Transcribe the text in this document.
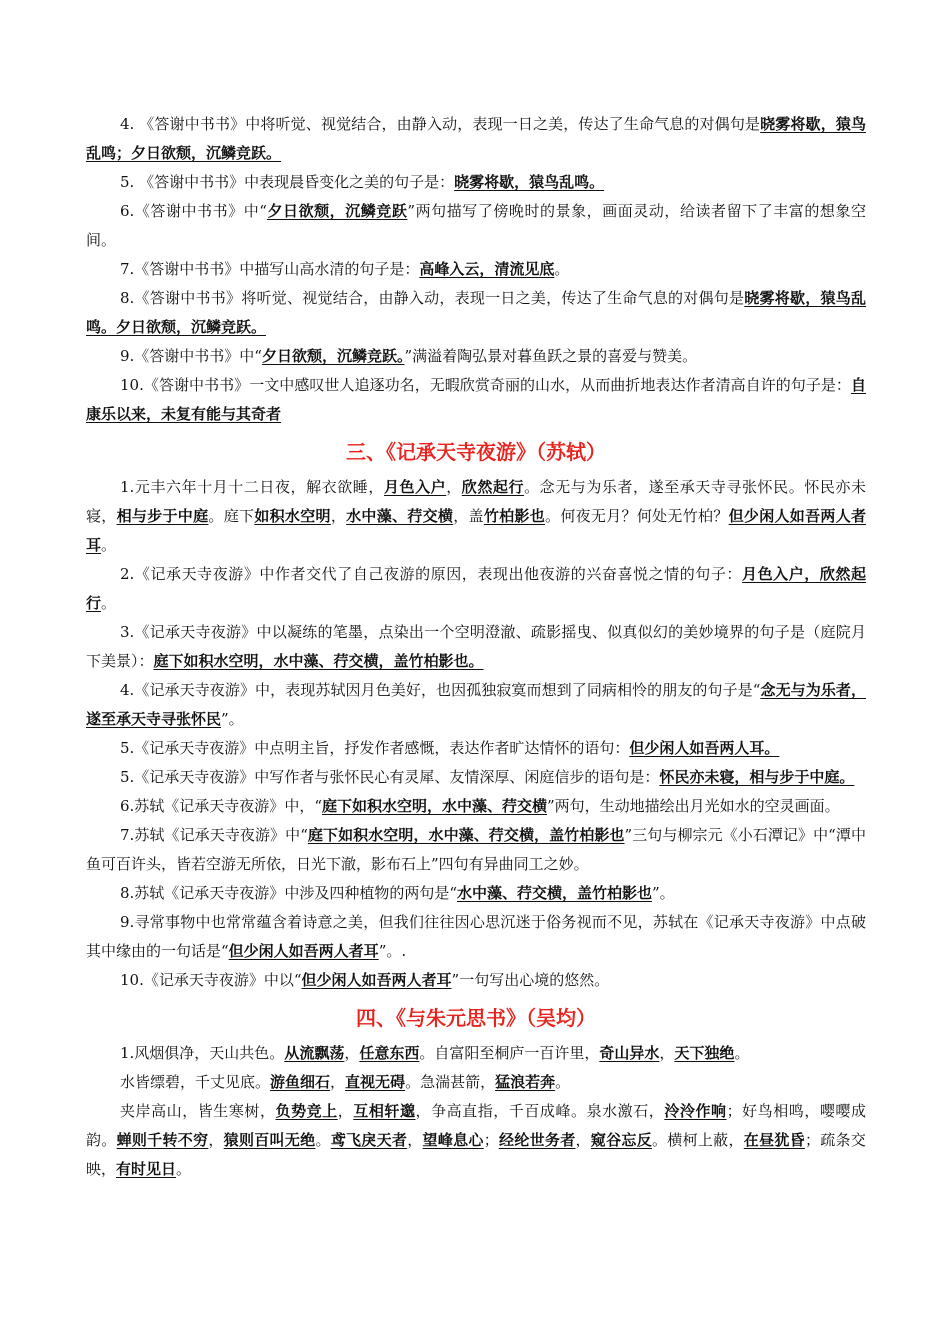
4. 《答谢中书书》中将听觉、视觉结合，由静入动，表现一日之美，传达了生命气息的对偶句是晓雾将歇，猿鸟乱鸣；夕日欲颓，沉鳞竞跃。

5. 《答谢中书书》中表现晨昏变化之美的句子是：晓雾将歇，猿鸟乱鸣。

6.《答谢中书书》中“夕日欲颓，沉鳞竞跃”两句描写了傍晚时的景象，画面灵动，给读者留下了丰富的想象空间。

7.《答谢中书书》中描写山高水清的句子是：高峰入云，清流见底。

8.《答谢中书书》将听觉、视觉结合，由静入动，表现一日之美，传达了生命气息的对偶句是晓雾将歇，猿鸟乱鸣。夕日欲颓，沉鳞竞跃。

9.《答谢中书书》中“夕日欲颓，沉鳞竞跃。”满溢着陶弘景对暮鱼跃之景的喜爱与赞美。

10.《答谢中书书》一文中感叹世人追逐功名，无暇欣赏奇丽的山水，从而曲折地表达作者清高自许的句子是：自康乐以来，未复有能与其奇者

三、《记承天寺夜游》（苏轼）

1.元丰六年十月十二日夜，解衣欲睡，月色入户，欣然起行。念无与为乐者，遂至承天寺寻张怀民。怀民亦未寝，相与步于中庭。庭下如积水空明，水中藻、荇交横，盖竹柏影也。何夜无月？何处无竹柏？但少闲人如吾两人者耳。

2.《记承天寺夜游》中作者交代了自己夜游的原因，表现出他夜游的兴奋喜悦之情的句子：月色入户，欣然起行。

3.《记承天寺夜游》中以凝练的笔墨，点染出一个空明澄澈、疏影摇曳、似真似幻的美妙境界的句子是（庭院月下美景）：庭下如积水空明，水中藻、荇交横，盖竹柏影也。

4.《记承天寺夜游》中，表现苏轼因月色美好，也因孤独寂寞而想到了同病相怜的朋友的句子是“念无与为乐者，遂至承天寺寻张怀民”。

5.《记承天寺夜游》中点明主旨，抒发作者感慨，表达作者旷达情怀的语句：但少闲人如吾两人耳。

5.《记承天寺夜游》中写作者与张怀民心有灵犀、友情深厚、闲庭信步的语句是：怀民亦未寝，相与步于中庭。

6.苏轼《记承天寺夜游》中，“庭下如积水空明，水中藻、荇交横”两句，生动地描绘出月光如水的空灵画面。

7.苏轼《记承天寺夜游》中“庭下如积水空明，水中藻、荇交横，盖竹柏影也”三句与柳宗元《小石潭记》中“潭中鱼可百许头，皆若空游无所依，日光下澈，影布石上”四句有异曲同工之妙。

8.苏轼《记承天寺夜游》中涉及四种植物的两句是“水中藻、荇交横，盖竹柏影也”。

9.寻常事物中也常常蕴含着诗意之美，但我们往往因心思沉迷于俗务视而不见，苏轼在《记承天寺夜游》中点破其中缘由的一句话是“但少闲人如吾两人者耳”。.

10.《记承天寺夜游》中以“但少闲人如吾两人者耳”一句写出心境的悠然。

四、《与朱元思书》（吴均）

1.风烟俱净，天山共色。从流飘荡，任意东西。自富阳至桐庐一百许里，奇山异水，天下独绝。

水皆缥碧，千丈见底。游鱼细石，直视无碍。急湍甚箭，猛浪若奔。

夹岸高山，皆生寒树，负势竞上，互相轩邈，争高直指，千百成峰。泉水激石，泠泠作响；好鸟相鸣，嘤嘤成韵。蝉则千转不穷，猿则百叫无绝。鸢飞戾天者，望峰息心；经纶世务者，窥谷忘反。横柯上蔽，在昼犹昏；疏条交映，有时见日。
